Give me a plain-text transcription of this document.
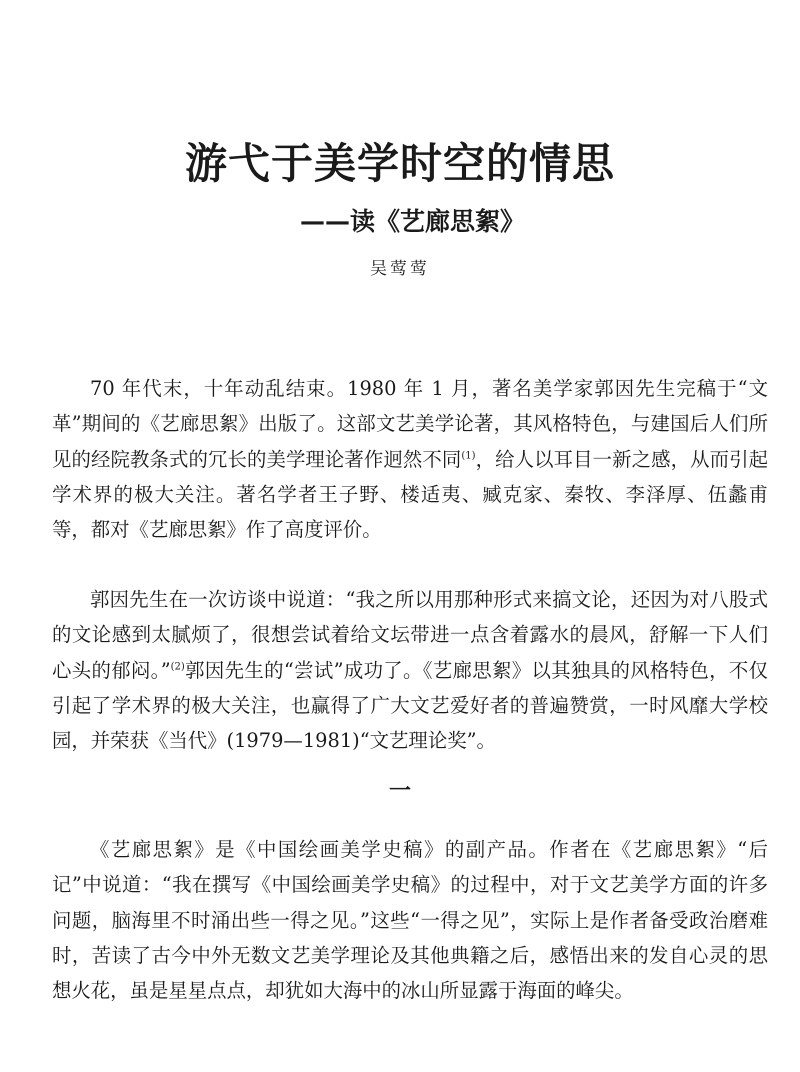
游弋于美学时空的情思
——读《艺廊思絮》
吴莺莺

70 年代末，十年动乱结束。1980 年 1 月，著名美学家郭因先生完稿于“文革”期间的《艺廊思絮》出版了。这部文艺美学论著，其风格特色，与建国后人们所见的经院教条式的冗长的美学理论著作迥然不同$^{(1)}$，给人以耳目一新之感，从而引起学术界的极大关注。著名学者王子野、楼适夷、臧克家、秦牧、李泽厚、伍蠡甫等，都对《艺廊思絮》作了高度评价。

郭因先生在一次访谈中说道：“我之所以用那种形式来搞文论，还因为对八股式的文论感到太腻烦了，很想尝试着给文坛带进一点含着露水的晨风，舒解一下人们心头的郁闷。”$^{(2)}$郭因先生的“尝试”成功了。《艺廊思絮》以其独具的风格特色，不仅引起了学术界的极大关注，也赢得了广大文艺爱好者的普遍赞赏，一时风靡大学校园，并荣获《当代》(1979—1981)“文艺理论奖”。

一

《艺廊思絮》是《中国绘画美学史稿》的副产品。作者在《艺廊思絮》“后记”中说道：“我在撰写《中国绘画美学史稿》的过程中，对于文艺美学方面的许多问题，脑海里不时涌出些一得之见。”这些“一得之见”，实际上是作者备受政治磨难时，苦读了古今中外无数文艺美学理论及其他典籍之后，感悟出来的发自心灵的思想火花，虽是星星点点，却犹如大海中的冰山所显露于海面的峰尖。
